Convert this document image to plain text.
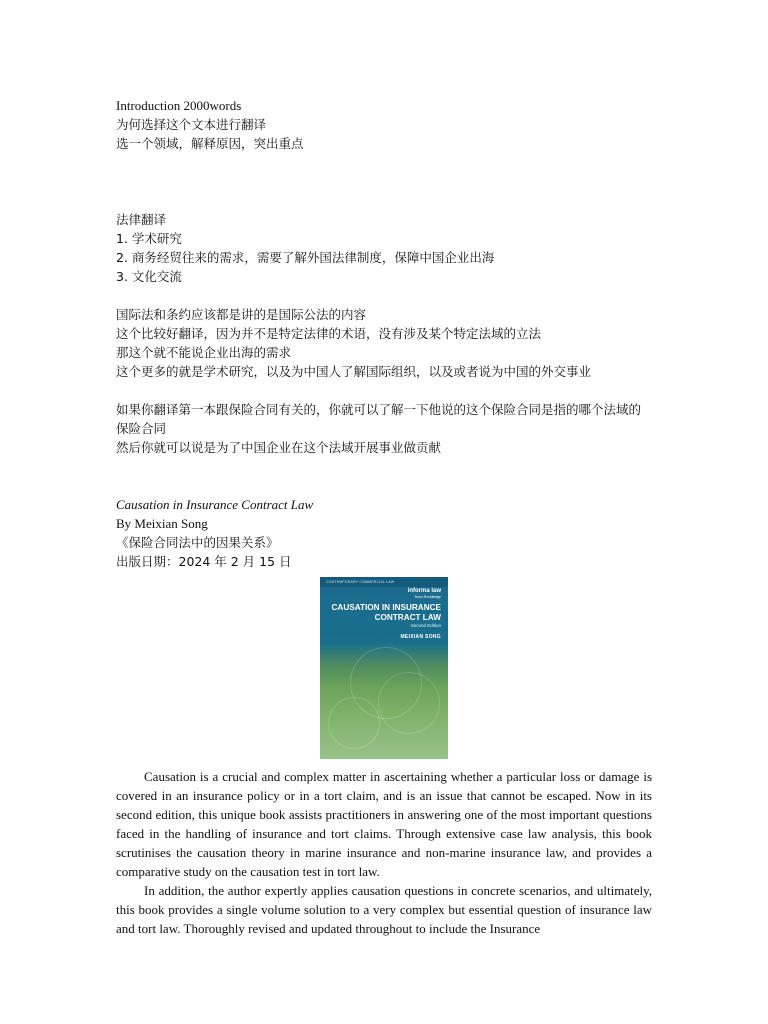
Introduction 2000words
为何选择这个文本进行翻译
选一个领域，解释原因，突出重点
法律翻译
1. 学术研究
2. 商务经贸往来的需求，需要了解外国法律制度，保障中国企业出海
3. 文化交流
国际法和条约应该都是讲的是国际公法的内容
这个比较好翻译，因为并不是特定法律的术语，没有涉及某个特定法域的立法
那这个就不能说企业出海的需求
这个更多的就是学术研究，以及为中国人了解国际组织，以及或者说为中国的外交事业
如果你翻译第一本跟保险合同有关的，你就可以了解一下他说的这个保险合同是指的哪个法域的保险合同
然后你就可以说是为了中国企业在这个法域开展事业做贡献
Causation in Insurance Contract Law
By Meixian Song
《保险合同法中的因果关系》
出版日期：2024 年 2 月 15 日
CONTEMPORARY COMMERCIAL LAW
informa law
from Routledge
CAUSATION IN INSURANCE CONTRACT LAW
Second Edition
MEIXIAN SONG
Causation is a crucial and complex matter in ascertaining whether a particular loss or damage is covered in an insurance policy or in a tort claim, and is an issue that cannot be escaped. Now in its second edition, this unique book assists practitioners in answering one of the most important questions faced in the handling of insurance and tort claims. Through extensive case law analysis, this book scrutinises the causation theory in marine insurance and non-marine insurance law, and provides a comparative study on the causation test in tort law.
In addition, the author expertly applies causation questions in concrete scenarios, and ultimately, this book provides a single volume solution to a very complex but essential question of insurance law and tort law. Thoroughly revised and updated throughout to include the Insurance
